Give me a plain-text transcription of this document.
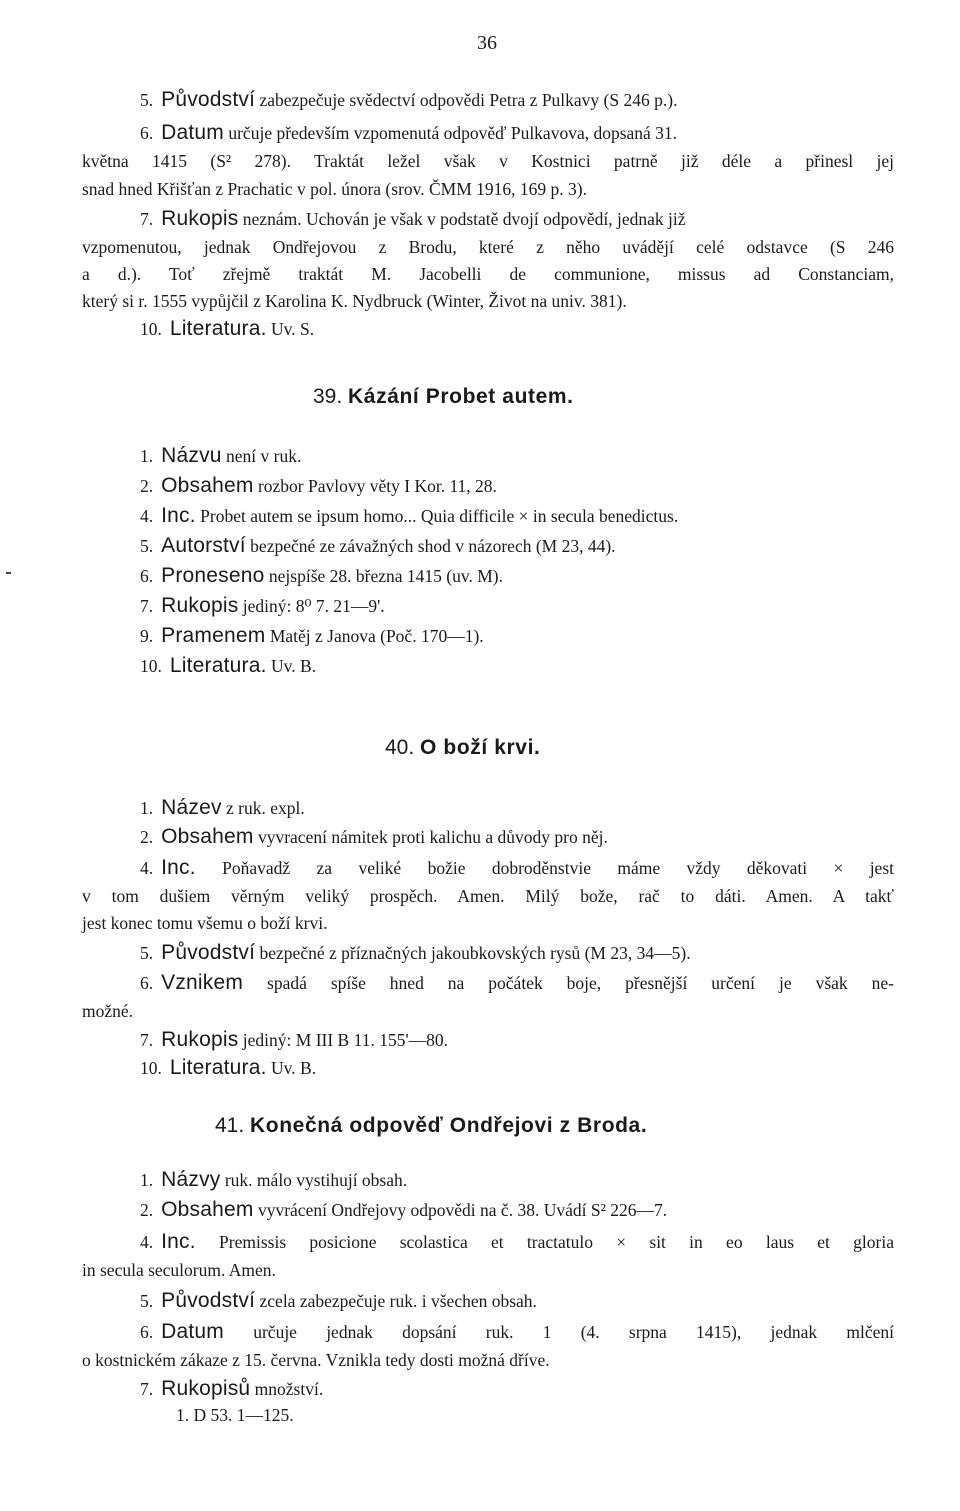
36
5. Původství zabezpečuje svědectví odpovědi Petra z Pulkavy (S 246 p.).
6. Datum určuje především vzpomenutá odpověď Pulkavova, dopsaná 31.
května 1415 (S² 278). Traktát ležel však v Kostnici patrně již déle a přinesl jej
snad hned Křišťan z Prachatic v pol. února (srov. ČMM 1916, 169 p. 3).
7. Rukopis neznám. Uchován je však v podstatě dvojí odpovědí, jednak již
vzpomenutou, jednak Ondřejovou z Brodu, které z něho uvádějí celé odstavce (S 246
a d.). Toť zřejmě traktát M. Jacobelli de communione, missus ad Constanciam,
který si r. 1555 vypůjčil z Karolina K. Nydbruck (Winter, Život na univ. 381).
10. Literatura. Uv. S.
39. Kázání Probet autem.
1. Názvu není v ruk.
2. Obsahem rozbor Pavlovy věty I Kor. 11, 28.
4. Inc. Probet autem se ipsum homo... Quia difficile × in secula benedictus.
5. Autorství bezpečné ze závažných shod v názorech (M 23, 44).
6. Proneseno nejspíše 28. března 1415 (uv. M).
7. Rukopis jediný: 8⁰ 7. 21—9'.
9. Pramenem Matěj z Janova (Poč. 170—1).
10. Literatura. Uv. B.
40. O boží krvi.
1. Název z ruk. expl.
2. Obsahem vyvracení námitek proti kalichu a důvody pro něj.
4. Inc. Poňavadž za veliké božie dobroděnstvie máme vždy děkovati × jest
v tom dušiem věrným veliký prospěch. Amen. Milý bože, rač to dáti. Amen. A takť
jest konec tomu všemu o boží krvi.
5. Původství bezpečné z příznačných jakoubkovských rysů (M 23, 34—5).
6. Vznikem spadá spíše hned na počátek boje, přesnější určení je však ne-
možné.
7. Rukopis jediný: M III B 11. 155'—80.
10. Literatura. Uv. B.
41. Konečná odpověď Ondřejovi z Broda.
1. Názvy ruk. málo vystihují obsah.
2. Obsahem vyvrácení Ondřejovy odpovědi na č. 38. Uvádí S² 226—7.
4. Inc. Premissis posicione scolastica et tractatulo × sit in eo laus et gloria
in secula seculorum. Amen.
5. Původství zcela zabezpečuje ruk. i všechen obsah.
6. Datum určuje jednak dopsání ruk. 1 (4. srpna 1415), jednak mlčení
o kostnickém zákaze z 15. června. Vznikla tedy dosti možná dříve.
7. Rukopisů množství.
1. D 53. 1—125.
